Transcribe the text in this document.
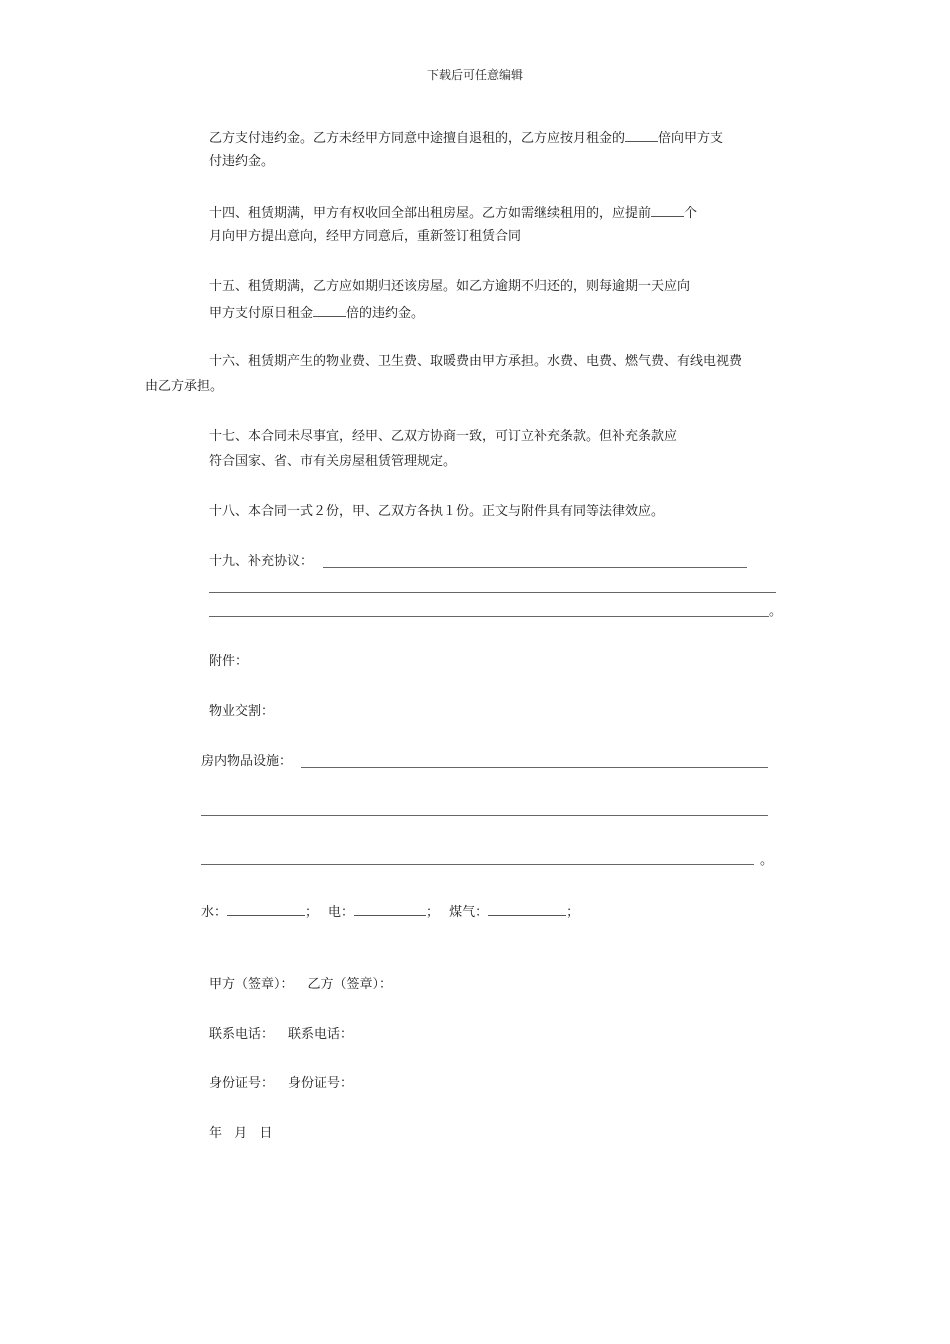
下载后可任意编辑
乙方支付违约金。乙方未经甲方同意中途擅自退租的，乙方应按月租金的	倍向甲方支
付违约金。
十四、租赁期满，甲方有权收回全部出租房屋。乙方如需继续租用的，应提前	个
月向甲方提出意向，经甲方同意后，重新签订租赁合同
十五、租赁期满，乙方应如期归还该房屋。如乙方逾期不归还的，则每逾期一天应向
甲方支付原日租金	倍的违约金。
十六、租赁期产生的物业费、卫生费、取暖费由甲方承担。水费、电费、燃气费、有线电视费
由乙方承担。
十七、本合同未尽事宜，经甲、乙双方协商一致，可订立补充条款。但补充条款应
符合国家、省、市有关房屋租赁管理规定。
十八、本合同一式２份，甲、乙双方各执１份。正文与附件具有同等法律效应。
十九、补充协议：
。
附件：
物业交割：
房内物品设施：
。
水：	； 电：	； 煤气：	；
甲方（签章）： 乙方（签章）：
联系电话： 联系电话：
身份证号： 身份证号：
年 月 日
